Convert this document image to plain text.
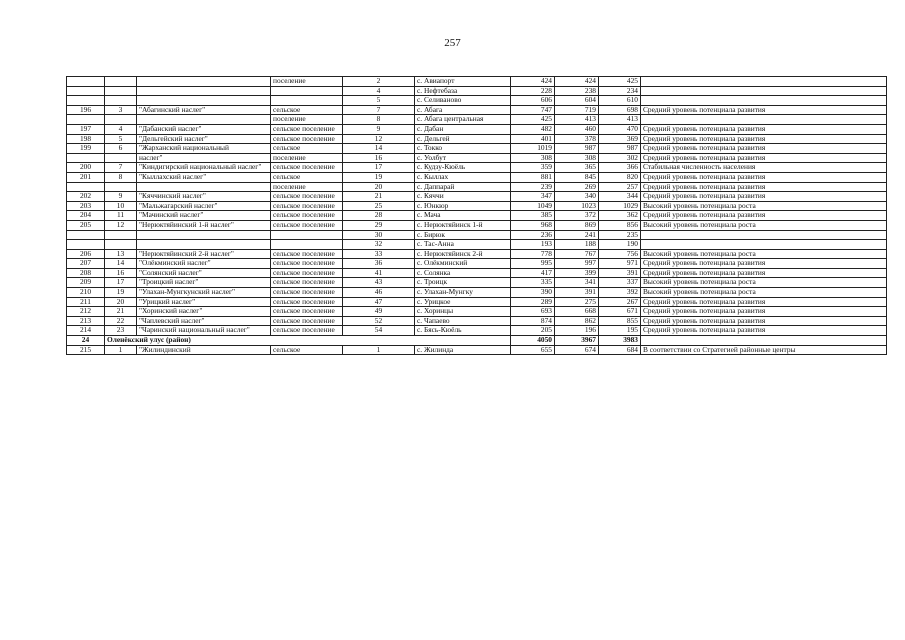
257
			поселение	2	с. Авиапорт	424	424	425	
				4	с. Нефтебаза	228	238	234	
				5	с. Селиваново	606	604	610	
196	3	"Абагинский наслег"	сельское	7	с. Абага	747	719	698	Средний уровень потенциала развития
			поселение	8	с. Абага центральная	425	413	413	
197	4	"Дабанский наслег"	сельское поселение	9	с. Дабан	482	460	470	Средний уровень потенциала развития
198	5	"Дельгейский наслег"	сельское поселение	12	с. Дельгей	401	378	369	Средний уровень потенциала развития
199	6	"Жарханский национальный	сельское	14	с. Токко	1019	987	987	Средний уровень потенциала развития
		наслег"	поселение	16	с. Уолбут	308	308	302	Средний уровень потенциала развития
200	7	"Киндигирский национальный наслег"	сельское поселение	17	с. Кудзу-Кюёль	359	365	366	Стабильная численность населения
201	8	"Кыллахский наслег"	сельское	19	с. Кыллах	881	845	820	Средний уровень потенциала развития
			поселение	20	с. Даппарай	239	269	257	Средний уровень потенциала развития
202	9	"Кяччинский наслег"	сельское поселение	21	с. Кяччи	347	340	344	Средний уровень потенциала развития
203	10	"Мальжагарский наслег"	сельское поселение	25	с. Юнкюр	1049	1023	1029	Высокий уровень потенциала роста
204	11	"Мачинский наслег"	сельское поселение	28	с. Мача	385	372	362	Средний уровень потенциала развития
205	12	"Нерюктяйинский 1-й наслег"	сельское поселение	29	с. Нерюктяйинск 1-й	968	869	856	Высокий уровень потенциала роста
				30	с. Бирюк	236	241	235	
				32	с. Тас-Анна	193	188	190	
206	13	"Нерюктяйинский 2-й наслег"	сельское поселение	33	с. Нерюктяйинск 2-й	778	767	756	Высокий уровень потенциала роста
207	14	"Олёкминский наслег"	сельское поселение	36	с. Олёкминский	995	997	971	Средний уровень потенциала развития
208	16	"Солянский наслег"	сельское поселение	41	с. Солянка	417	399	391	Средний уровень потенциала развития
209	17	"Троицкий наслег"	сельское поселение	43	с. Троицк	335	341	337	Высокий уровень потенциала роста
210	19	"Улахан-Мунгкунский наслег"	сельское поселение	46	с. Улахан-Мунгку	390	391	392	Высокий уровень потенциала роста
211	20	"Урицкий наслег"	сельское поселение	47	с. Урицкое	289	275	267	Средний уровень потенциала развития
212	21	"Хоринский наслег"	сельское поселение	49	с. Хоринцы	693	668	671	Средний уровень потенциала развития
213	22	"Чаплевский наслег"	сельское поселение	52	с. Чапаево	874	862	855	Средний уровень потенциала развития
214	23	"Чаринский национальный наслег"	сельское поселение	54	с. Бясь-Кюёль	205	196	195	Средний уровень потенциала развития
24	Оленёкский улус (район)					4050	3967	3983	
215	1	"Жилиндинский	сельское	1	с. Жилинда	655	674	684	В соответствии со Стратегией районные центры
